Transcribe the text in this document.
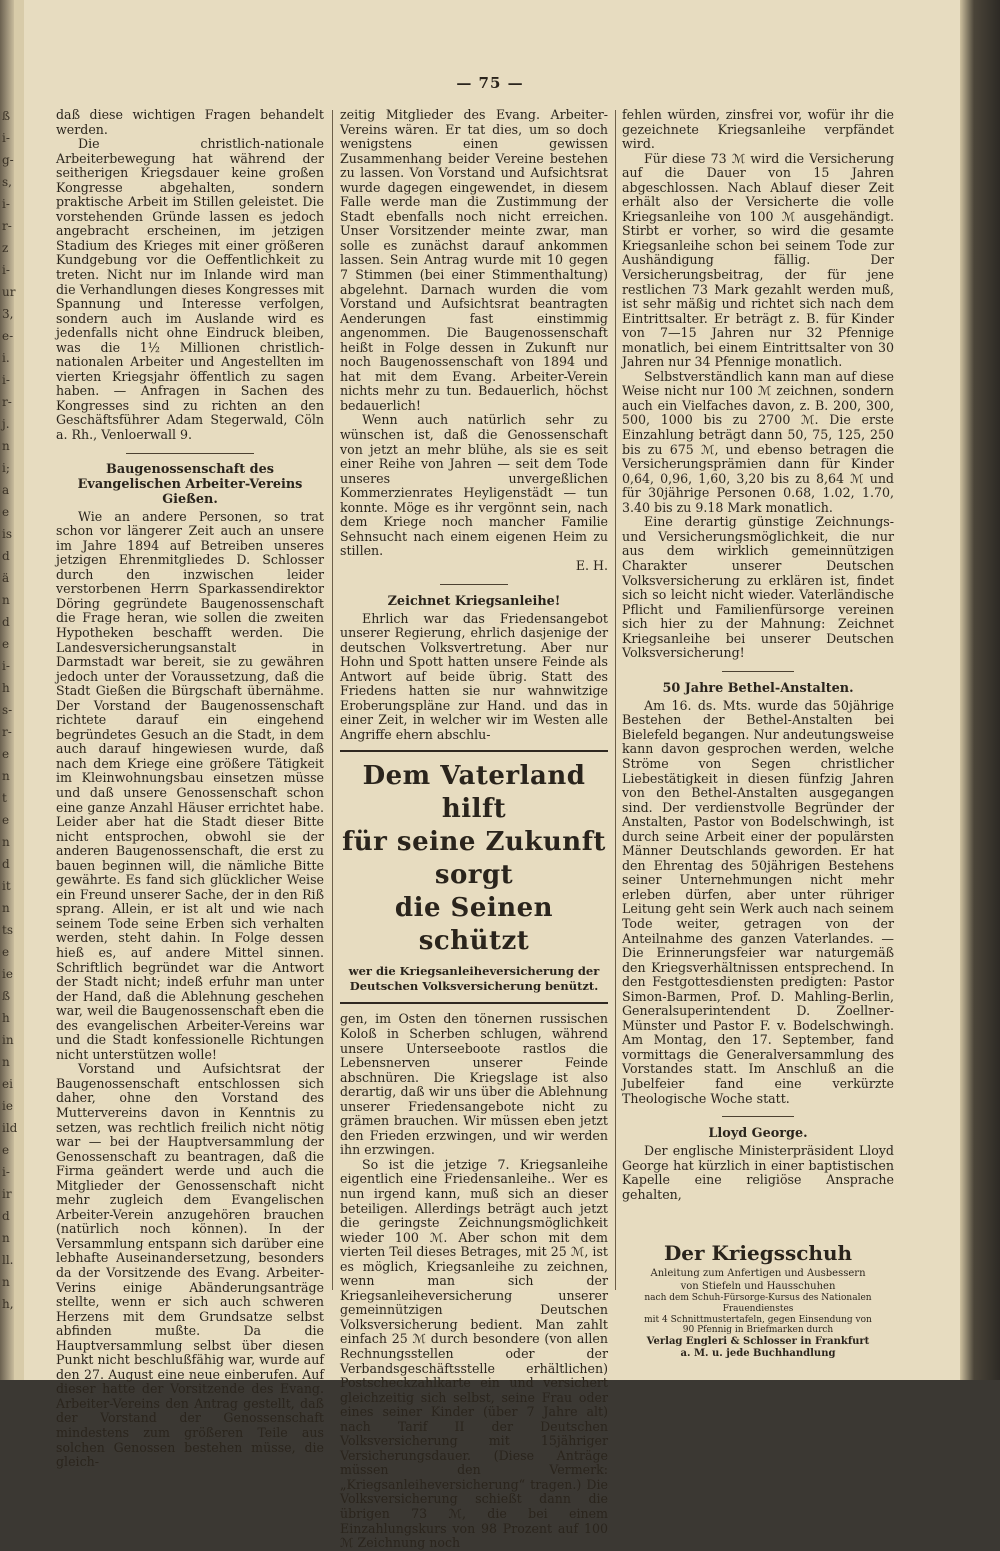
ß
i-
g-
s,
i-
r-
z
i-
ur
3,
e-
i.
i-
r-
j.
n
i;
a
e
is
d
ä
n
d
e
i-
h
s-
r-
e
n
t
e
n
d
it
n
ts
e
ie
ß
h
in
n
ei
ie
ild
e
i-
ir
d
n
ll.
n
h,
— 75 —

daß diese wichtigen Fragen behandelt werden.

Die christlich-nationale Arbeiterbewegung hat während der seitherigen Kriegsdauer keine großen Kongresse abgehalten, sondern praktische Arbeit im Stillen geleistet. Die vorstehenden Gründe lassen es jedoch angebracht erscheinen, im jetzigen Stadium des Krieges mit einer größeren Kundgebung vor die Oeffentlichkeit zu treten. Nicht nur im Inlande wird man die Verhandlungen dieses Kongresses mit Spannung und Interesse verfolgen, sondern auch im Auslande wird es jedenfalls nicht ohne Eindruck bleiben, was die 1½ Millionen christlich-nationalen Arbeiter und Angestellten im vierten Kriegsjahr öffentlich zu sagen haben. — Anfragen in Sachen des Kongresses sind zu richten an den Geschäftsführer Adam Stegerwald, Cöln a. Rh., Venloerwall 9.

Baugenossenschaft des
Evangelischen Arbeiter-Vereins Gießen.

Wie an andere Personen, so trat schon vor längerer Zeit auch an unsere im Jahre 1894 auf Betreiben unseres jetzigen Ehrenmitgliedes D. Schlosser durch den inzwischen leider verstorbenen Herrn Sparkassendirektor Döring gegründete Baugenossenschaft die Frage heran, wie sollen die zweiten Hypotheken beschafft werden. Die Landesversicherungsanstalt in Darmstadt war bereit, sie zu gewähren jedoch unter der Voraussetzung, daß die Stadt Gießen die Bürgschaft übernähme. Der Vorstand der Baugenossenschaft richtete darauf ein eingehend begründetes Gesuch an die Stadt, in dem auch darauf hingewiesen wurde, daß nach dem Kriege eine größere Tätigkeit im Kleinwohnungsbau einsetzen müsse und daß unsere Genossenschaft schon eine ganze Anzahl Häuser errichtet habe. Leider aber hat die Stadt dieser Bitte nicht entsprochen, obwohl sie der anderen Baugenossenschaft, die erst zu bauen beginnen will, die nämliche Bitte gewährte. Es fand sich glücklicher Weise ein Freund unserer Sache, der in den Riß sprang. Allein, er ist alt und wie nach seinem Tode seine Erben sich verhalten werden, steht dahin. In Folge dessen hieß es, auf andere Mittel sinnen. Schriftlich begründet war die Antwort der Stadt nicht; indeß erfuhr man unter der Hand, daß die Ablehnung geschehen war, weil die Baugenossenschaft eben die des evangelischen Arbeiter-Vereins war und die Stadt konfessionelle Richtungen nicht unterstützen wolle!

Vorstand und Aufsichtsrat der Baugenossenschaft entschlossen sich daher, ohne den Vorstand des Muttervereins davon in Kenntnis zu setzen, was rechtlich freilich nicht nötig war — bei der Hauptversammlung der Genossenschaft zu beantragen, daß die Firma geändert werde und auch die Mitglieder der Genossenschaft nicht mehr zugleich dem Evangelischen Arbeiter-Verein anzugehören brauchen (natürlich noch können). In der Versammlung entspann sich darüber eine lebhafte Auseinandersetzung, besonders da der Vorsitzende des Evang. Arbeiter-Verins einige Abänderungsanträge stellte, wenn er sich auch schweren Herzens mit dem Grundsatze selbst abfinden mußte. Da die Hauptversammlung selbst über diesen Punkt nicht beschlußfähig war, wurde auf den 27. August eine neue einberufen. Auf dieser hatte der Vorsitzende des Evang. Arbeiter-Vereins den Antrag gestellt, daß der Vorstand der Genossenschaft mindestens zum größeren Teile aus solchen Genossen bestehen müsse, die gleich-

zeitig Mitglieder des Evang. Arbeiter-Vereins wären. Er tat dies, um so doch wenigstens einen gewissen Zusammenhang beider Vereine bestehen zu lassen. Von Vorstand und Aufsichtsrat wurde dagegen eingewendet, in diesem Falle werde man die Zustimmung der Stadt ebenfalls noch nicht erreichen. Unser Vorsitzender meinte zwar, man solle es zunächst darauf ankommen lassen. Sein Antrag wurde mit 10 gegen 7 Stimmen (bei einer Stimmenthaltung) abgelehnt. Darnach wurden die vom Vorstand und Aufsichtsrat beantragten Aenderungen fast einstimmig angenommen. Die Baugenossenschaft heißt in Folge dessen in Zukunft nur noch Baugenossenschaft von 1894 und hat mit dem Evang. Arbeiter-Verein nichts mehr zu tun. Bedauerlich, höchst bedauerlich!

Wenn auch natürlich sehr zu wünschen ist, daß die Genossenschaft von jetzt an mehr blühe, als sie es seit einer Reihe von Jahren — seit dem Tode unseres unvergeßlichen Kommerzienrates Heyligenstädt — tun konnte. Möge es ihr vergönnt sein, nach dem Kriege noch mancher Familie Sehnsucht nach einem eigenen Heim zu stillen.

E. H.

Zeichnet Kriegsanleihe!

Ehrlich war das Friedensangebot unserer Regierung, ehrlich dasjenige der deutschen Volksvertretung. Aber nur Hohn und Spott hatten unsere Feinde als Antwort auf beide übrig. Statt des Friedens hatten sie nur wahnwitzige Eroberungspläne zur Hand. und das in einer Zeit, in welcher wir im Westen alle Angriffe ehern abschlu-

Dem Vaterland hilft
für seine Zukunft sorgt
die Seinen schützt
wer die Kriegsanleiheversicherung der
Deutschen Volksversicherung benützt.

gen, im Osten den tönernen russischen Koloß in Scherben schlugen, während unsere Unterseeboote rastlos die Lebensnerven unserer Feinde abschnüren. Die Kriegslage ist also derartig, daß wir uns über die Ablehnung unserer Friedensangebote nicht zu grämen brauchen. Wir müssen eben jetzt den Frieden erzwingen, und wir werden ihn erzwingen.

So ist die jetzige 7. Kriegsanleihe eigentlich eine Friedensanleihe.. Wer es nun irgend kann, muß sich an dieser beteiligen. Allerdings beträgt auch jetzt die geringste Zeichnungsmöglichkeit wieder 100 ℳ. Aber schon mit dem vierten Teil dieses Betrages, mit 25 ℳ, ist es möglich, Kriegsanleihe zu zeichnen, wenn man sich der Kriegsanleiheversicherung unserer gemeinnützigen Deutschen Volksversicherung bedient. Man zahlt einfach 25 ℳ durch besondere (von allen Rechnungsstellen oder der Verbandsgeschäftsstelle erhältlichen) Postscheckzahlkarte ein und versichert gleichzeitig sich selbst, seine Frau oder eines seiner Kinder (über 7 Jahre alt) nach Tarif II der Deutschen Volksversicherung mit 15jähriger Versicherungsdauer. (Diese Anträge müssen den Vermerk: „Kriegsanleiheversicherung“ tragen.) Die Volksversicherung schießt dann die übrigen 73 ℳ, die bei einem Einzahlungskurs von 98 Prozent auf 100 ℳ Zeichnung noch

fehlen würden, zinsfrei vor, wofür ihr die gezeichnete Kriegsanleihe verpfändet wird.

Für diese 73 ℳ wird die Versicherung auf die Dauer von 15 Jahren abgeschlossen. Nach Ablauf dieser Zeit erhält also der Versicherte die volle Kriegsanleihe von 100 ℳ ausgehändigt. Stirbt er vorher, so wird die gesamte Kriegsanleihe schon bei seinem Tode zur Aushändigung fällig. Der Versicherungsbeitrag, der für jene restlichen 73 Mark gezahlt werden muß, ist sehr mäßig und richtet sich nach dem Eintrittsalter. Er beträgt z. B. für Kinder von 7—15 Jahren nur 32 Pfennige monatlich, bei einem Eintrittsalter von 30 Jahren nur 34 Pfennige monatlich.

Selbstverständlich kann man auf diese Weise nicht nur 100 ℳ zeichnen, sondern auch ein Vielfaches davon, z. B. 200, 300, 500, 1000 bis zu 2700 ℳ. Die erste Einzahlung beträgt dann 50, 75, 125, 250 bis zu 675 ℳ, und ebenso betragen die Versicherungsprämien dann für Kinder 0,64, 0,96, 1,60, 3,20 bis zu 8,64 ℳ und für 30jährige Personen 0.68, 1.02, 1.70, 3.40 bis zu 9.18 Mark monatlich.

Eine derartig günstige Zeichnungs- und Versicherungsmöglichkeit, die nur aus dem wirklich gemeinnützigen Charakter unserer Deutschen Volksversicherung zu erklären ist, findet sich so leicht nicht wieder. Vaterländische Pflicht und Familienfürsorge vereinen sich hier zu der Mahnung: Zeichnet Kriegsanleihe bei unserer Deutschen Volksversicherung!

50 Jahre Bethel-Anstalten.

Am 16. ds. Mts. wurde das 50jährige Bestehen der Bethel-Anstalten bei Bielefeld begangen. Nur andeutungsweise kann davon gesprochen werden, welche Ströme von Segen christlicher Liebestätigkeit in diesen fünfzig Jahren von den Bethel-Anstalten ausgegangen sind. Der verdienstvolle Begründer der Anstalten, Pastor von Bodelschwingh, ist durch seine Arbeit einer der populärsten Männer Deutschlands geworden. Er hat den Ehrentag des 50jährigen Bestehens seiner Unternehmungen nicht mehr erleben dürfen, aber unter rühriger Leitung geht sein Werk auch nach seinem Tode weiter, getragen von der Anteilnahme des ganzen Vaterlandes. — Die Erinnerungsfeier war naturgemäß den Kriegsverhältnissen entsprechend. In den Festgottesdiensten predigten: Pastor Simon-Barmen, Prof. D. Mahling-Berlin, Generalsuperintendent D. Zoellner-Münster und Pastor F. v. Bodelschwingh. Am Montag, den 17. September, fand vormittags die Generalversammlung des Vorstandes statt. Im Anschluß an die Jubelfeier fand eine verkürzte Theologische Woche statt.

Lloyd George.

Der englische Ministerpräsident Lloyd George hat kürzlich in einer baptistischen Kapelle eine religiöse Ansprache gehalten,

Der Kriegsschuh
Anleitung zum Anfertigen und Ausbessern von Stiefeln und Hausschuhen
nach dem Schuh-Fürsorge-Kursus des Nationalen Frauendienstes
mit 4 Schnittmustertafeln, gegen Einsendung von 90 Pfennig in Briefmarken durch
Verlag Engleri & Schlosser in Frankfurt a. M. u. jede Buchhandlung
